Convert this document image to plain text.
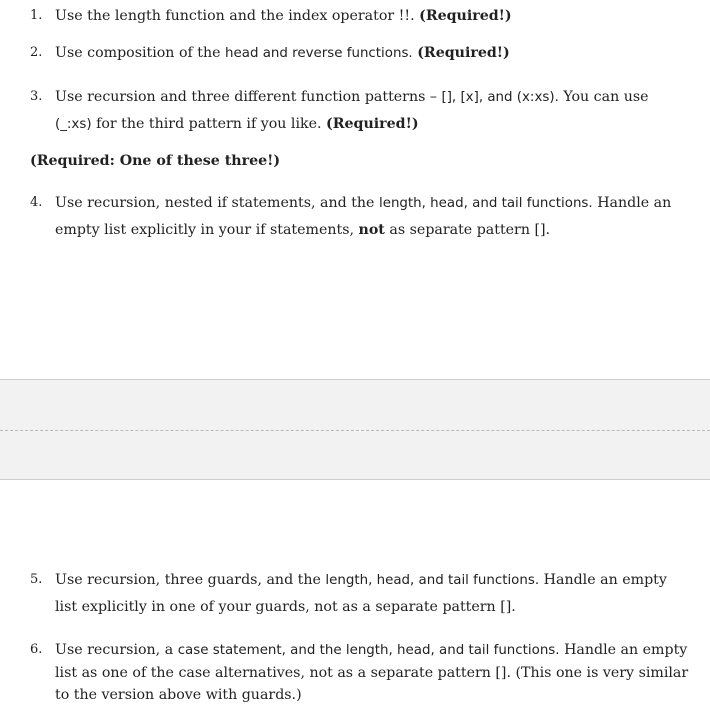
1. Use the length function and the index operator !!. (Required!)
2. Use composition of the head and reverse functions. (Required!)
3. Use recursion and three different function patterns – [], [x], and (x:xs). You can use
(_:xs) for the third pattern if you like. (Required!)
(Required: One of these three!)
4. Use recursion, nested if statements, and the length, head, and tail functions. Handle an empty list explicitly in your if statements, not as separate pattern [].
5. Use recursion, three guards, and the length, head, and tail functions. Handle an empty list explicitly in one of your guards, not as a separate pattern [].
6. Use recursion, a case statement, and the length, head, and tail functions. Handle an empty list as one of the case alternatives, not as a separate pattern []. (This one is very similar to the version above with guards.)
